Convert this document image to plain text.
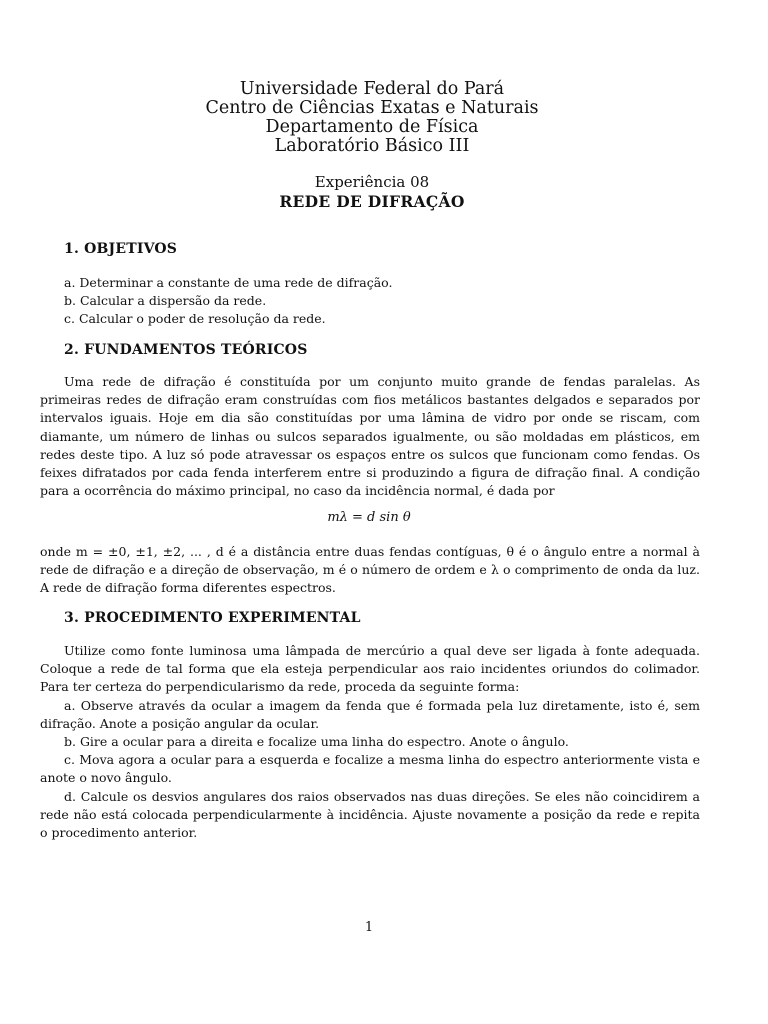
Universidade Federal do Pará
Centro de Ciências Exatas e Naturais
Departamento de Física
Laboratório Básico III
Experiência 08
REDE DE DIFRAÇÃO
1. OBJETIVOS
a. Determinar a constante de uma rede de difração.
b. Calcular a dispersão da rede.
c. Calcular o poder de resolução da rede.
2. FUNDAMENTOS TEÓRICOS

Uma rede de difração é constituída por um conjunto muito grande de fendas paralelas. As primeiras redes de difração eram construídas com fios metálicos bastantes delgados e separados por intervalos iguais. Hoje em dia são constituídas por uma lâmina de vidro por onde se riscam, com diamante, um número de linhas ou sulcos separados igualmente, ou são moldadas em plásticos, em redes deste tipo. A luz só pode atravessar os espaços entre os sulcos que funcionam como fendas. Os feixes difratados por cada fenda interferem entre si produzindo a figura de difração final. A condição para a ocorrência do máximo principal, no caso da incidência normal, é dada por

mλ = d sin θ

onde m = ±0, ±1, ±2, ... , d é a distância entre duas fendas contíguas, θ é o ângulo entre a normal à rede de difração e a direção de observação, m é o número de ordem e λ o comprimento de onda da luz. A rede de difração forma diferentes espectros.

3. PROCEDIMENTO EXPERIMENTAL

Utilize como fonte luminosa uma lâmpada de mercúrio a qual deve ser ligada à fonte adequada. Coloque a rede de tal forma que ela esteja perpendicular aos raio incidentes oriundos do colimador. Para ter certeza do perpendicularismo da rede, proceda da seguinte forma:

a. Observe através da ocular a imagem da fenda que é formada pela luz diretamente, isto é, sem difração. Anote a posição angular da ocular.

b. Gire a ocular para a direita e focalize uma linha do espectro. Anote o ângulo.

c. Mova agora a ocular para a esquerda e focalize a mesma linha do espectro anteriormente vista e anote o novo ângulo.

d. Calcule os desvios angulares dos raios observados nas duas direções. Se eles não coincidirem a rede não está colocada perpendicularmente à incidência. Ajuste novamente a posição da rede e repita o procedimento anterior.

1
